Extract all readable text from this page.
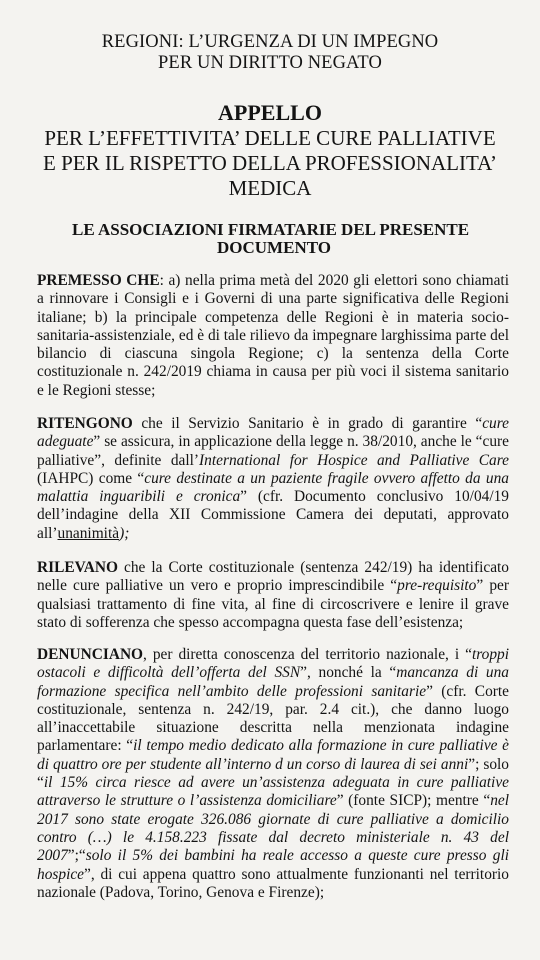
REGIONI: L’URGENZA DI UN IMPEGNO
PER UN DIRITTO NEGATO
APPELLO
PER L’EFFETTIVITA’ DELLE CURE PALLIATIVE
E PER IL RISPETTO DELLA PROFESSIONALITA’
MEDICA
LE ASSOCIAZIONI FIRMATARIE DEL PRESENTE
DOCUMENTO
PREMESSO CHE: a) nella prima metà del 2020 gli elettori sono chiamati a rinnovare i Consigli e i Governi di una parte significativa delle Regioni italiane; b) la principale competenza delle Regioni è in materia socio-sanitaria-assistenziale, ed è di tale rilievo da impegnare larghissima parte del bilancio di ciascuna singola Regione; c) la sentenza della Corte costituzionale n. 242/2019 chiama in causa per più voci il sistema sanitario e le Regioni stesse;
RITENGONO che il Servizio Sanitario è in grado di garantire “cure adeguate” se assicura, in applicazione della legge n. 38/2010, anche le “cure palliative”, definite dall’International for Hospice and Palliative Care (IAHPC) come “cure destinate a un paziente fragile ovvero affetto da una malattia inguaribili e cronica” (cfr. Documento conclusivo 10/04/19 dell’indagine della XII Commissione Camera dei deputati, approvato all’unanimità);
RILEVANO che la Corte costituzionale (sentenza 242/19) ha identificato nelle cure palliative un vero e proprio imprescindibile “pre-requisito” per qualsiasi trattamento di fine vita, al fine di circoscrivere e lenire il grave stato di sofferenza che spesso accompagna questa fase dell’esistenza;
DENUNCIANO, per diretta conoscenza del territorio nazionale, i “troppi ostacoli e difficoltà dell’offerta del SSN”, nonché la “mancanza di una formazione specifica nell’ambito delle professioni sanitarie” (cfr. Corte costituzionale, sentenza n. 242/19, par. 2.4 cit.), che danno luogo all’inaccettabile situazione descritta nella menzionata indagine parlamentare: “il tempo medio dedicato alla formazione in cure palliative è di quattro ore per studente all’interno d un corso di laurea di sei anni”; solo “il 15% circa riesce ad avere un’assistenza adeguata in cure palliative attraverso le strutture o l’assistenza domiciliare” (fonte SICP); mentre “nel 2017 sono state erogate 326.086 giornate di cure palliative a domicilio contro (…) le 4.158.223 fissate dal decreto ministeriale n. 43 del 2007”;“solo il 5% dei bambini ha reale accesso a queste cure presso gli hospice”, di cui appena quattro sono attualmente funzionanti nel territorio nazionale (Padova, Torino, Genova e Firenze);
